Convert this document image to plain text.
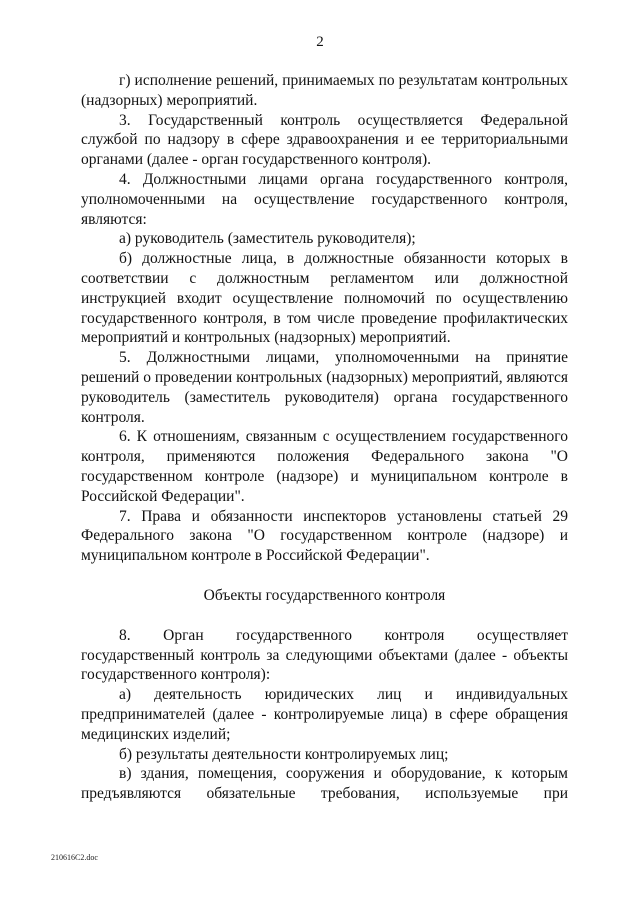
2

г) исполнение решений, принимаемых по результатам контрольных (надзорных) мероприятий.

3. Государственный контроль осуществляется Федеральной службой по надзору в сфере здравоохранения и ее территориальными органами (далее - орган государственного контроля).

4. Должностными лицами органа государственного контроля, уполномоченными на осуществление государственного контроля, являются:

а) руководитель (заместитель руководителя);

б) должностные лица, в должностные обязанности которых в соответствии с должностным регламентом или должностной инструкцией входит осуществление полномочий по осуществлению государственного контроля, в том числе проведение профилактических мероприятий и контрольных (надзорных) мероприятий.

5. Должностными лицами, уполномоченными на принятие решений о проведении контрольных (надзорных) мероприятий, являются руководитель (заместитель руководителя) органа государственного контроля.

6. К отношениям, связанным с осуществлением государственного контроля, применяются положения Федерального закона "О государственном контроле (надзоре) и муниципальном контроле в Российской Федерации".

7. Права и обязанности инспекторов установлены статьей 29 Федерального закона "О государственном контроле (надзоре) и муниципальном контроле в Российской Федерации".

Объекты государственного контроля

8. Орган государственного контроля осуществляет государственный контроль за следующими объектами (далее - объекты государственного контроля):

а) деятельность юридических лиц и индивидуальных предпринимателей (далее - контролируемые лица) в сфере обращения медицинских изделий;

б) результаты деятельности контролируемых лиц;

в) здания, помещения, сооружения и оборудование, к которым предъявляются обязательные требования, используемые при

210616C2.doc
